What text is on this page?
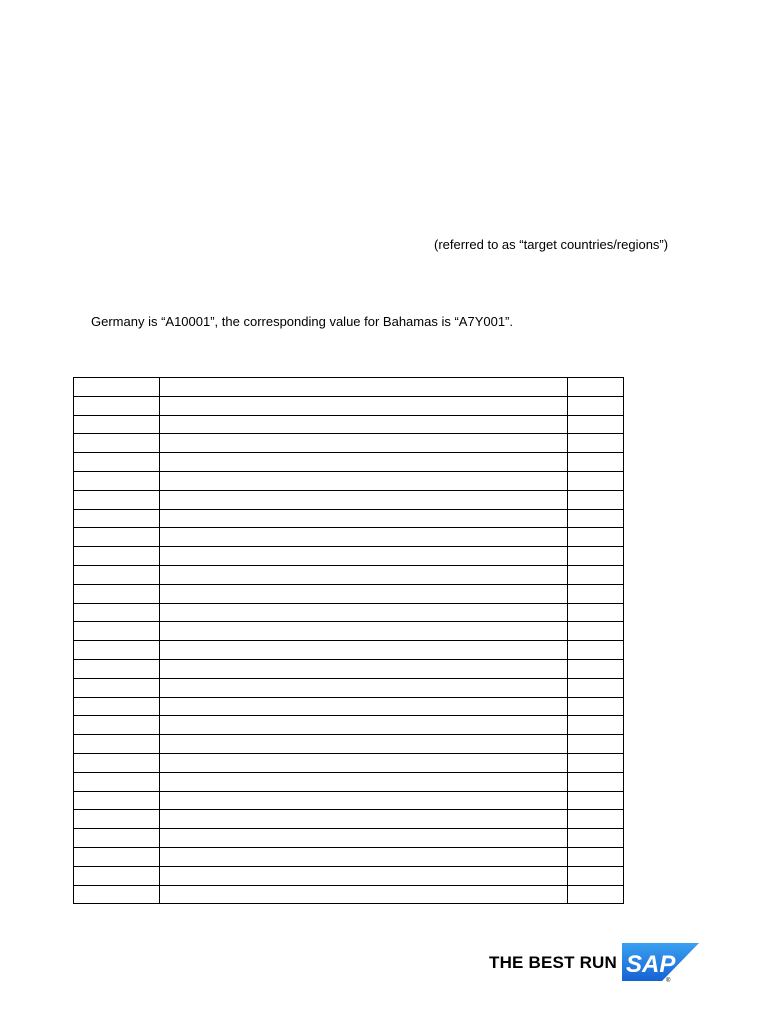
(referred to as “target countries/regions”)
Germany is “A10001”, the corresponding value for Bahamas is “A7Y001”.

THE BEST RUN SAP
®
